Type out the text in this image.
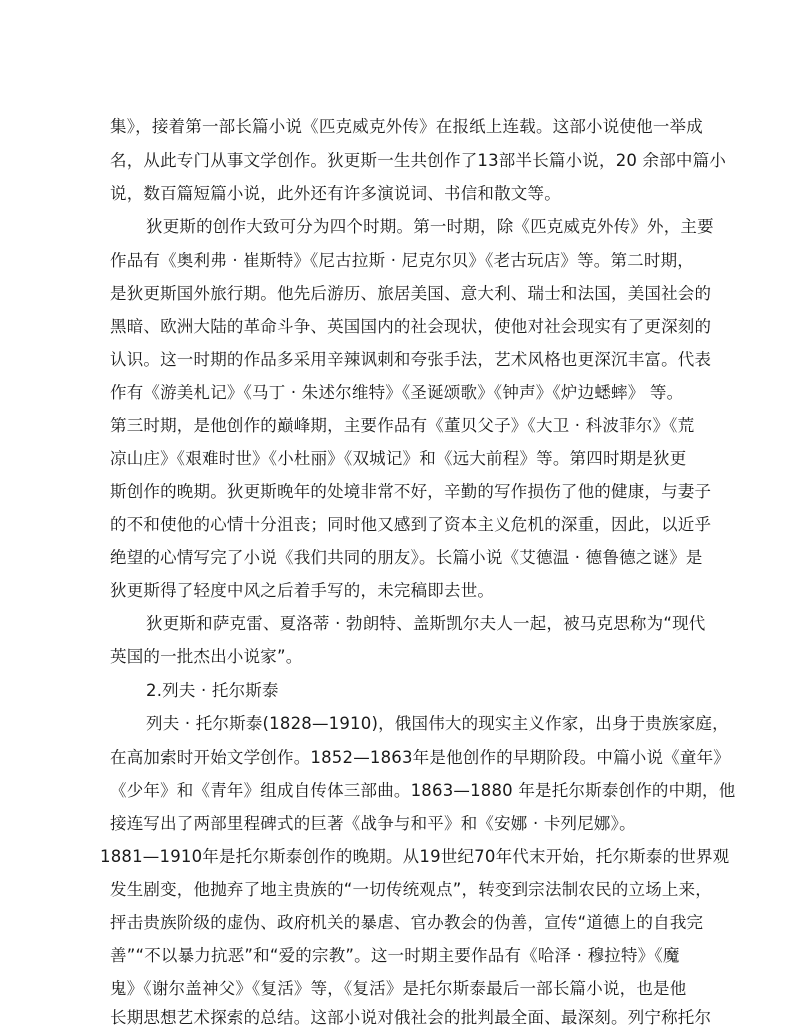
集》，接着第一部长篇小说《匹克威克外传》在报纸上连载。这部小说使他一举成
名，从此专门从事文学创作。狄更斯一生共创作了13部半长篇小说，20 余部中篇小
说，数百篇短篇小说，此外还有许多演说词、书信和散文等。
狄更斯的创作大致可分为四个时期。第一时期，除《匹克威克外传》外，主要
作品有《奥利弗 · 崔斯特》《尼古拉斯 · 尼克尔贝》《老古玩店》等。第二时期，
是狄更斯国外旅行期。他先后游历、旅居美国、意大利、瑞士和法国，美国社会的
黑暗、欧洲大陆的革命斗争、英国国内的社会现状，使他对社会现实有了更深刻的
认识。这一时期的作品多采用辛辣讽刺和夸张手法，艺术风格也更深沉丰富。代表
作有《游美札记》《马丁 · 朱述尔维特》《圣诞颂歌》《钟声》《炉边蟋蟀》 等。
第三时期，是他创作的巅峰期，主要作品有《董贝父子》《大卫 · 科波菲尔》《荒
凉山庄》《艰难时世》《小杜丽》《双城记》和《远大前程》等。第四时期是狄更
斯创作的晚期。狄更斯晚年的处境非常不好，辛勤的写作损伤了他的健康，与妻子
的不和使他的心情十分沮丧；同时他又感到了资本主义危机的深重，因此，以近乎
绝望的心情写完了小说《我们共同的朋友》。长篇小说《艾德温 · 德鲁德之谜》是
狄更斯得了轻度中风之后着手写的，未完稿即去世。
狄更斯和萨克雷、夏洛蒂 · 勃朗特、盖斯凯尔夫人一起，被马克思称为“现代
英国的一批杰出小说家”。
2.列夫 · 托尔斯泰
列夫 · 托尔斯泰(1828—1910)，俄国伟大的现实主义作家，出身于贵族家庭，
在高加索时开始文学创作。1852—1863年是他创作的早期阶段。中篇小说《童年》
《少年》和《青年》组成自传体三部曲。1863—1880 年是托尔斯泰创作的中期，他
接连写出了两部里程碑式的巨著《战争与和平》和《安娜 · 卡列尼娜》。
1881—1910年是托尔斯泰创作的晚期。从19世纪70年代末开始，托尔斯泰的世界观
发生剧变，他抛弃了地主贵族的“一切传统观点”，转变到宗法制农民的立场上来，
抨击贵族阶级的虚伪、政府机关的暴虐、官办教会的伪善，宣传“道德上的自我完
善”“不以暴力抗恶”和“爱的宗教”。这一时期主要作品有《哈泽 · 穆拉特》《魔
鬼》《谢尔盖神父》《复活》等，《复活》是托尔斯泰最后一部长篇小说，也是他
长期思想艺术探索的总结。这部小说对俄社会的批判最全面、最深刻。列宁称托尔
